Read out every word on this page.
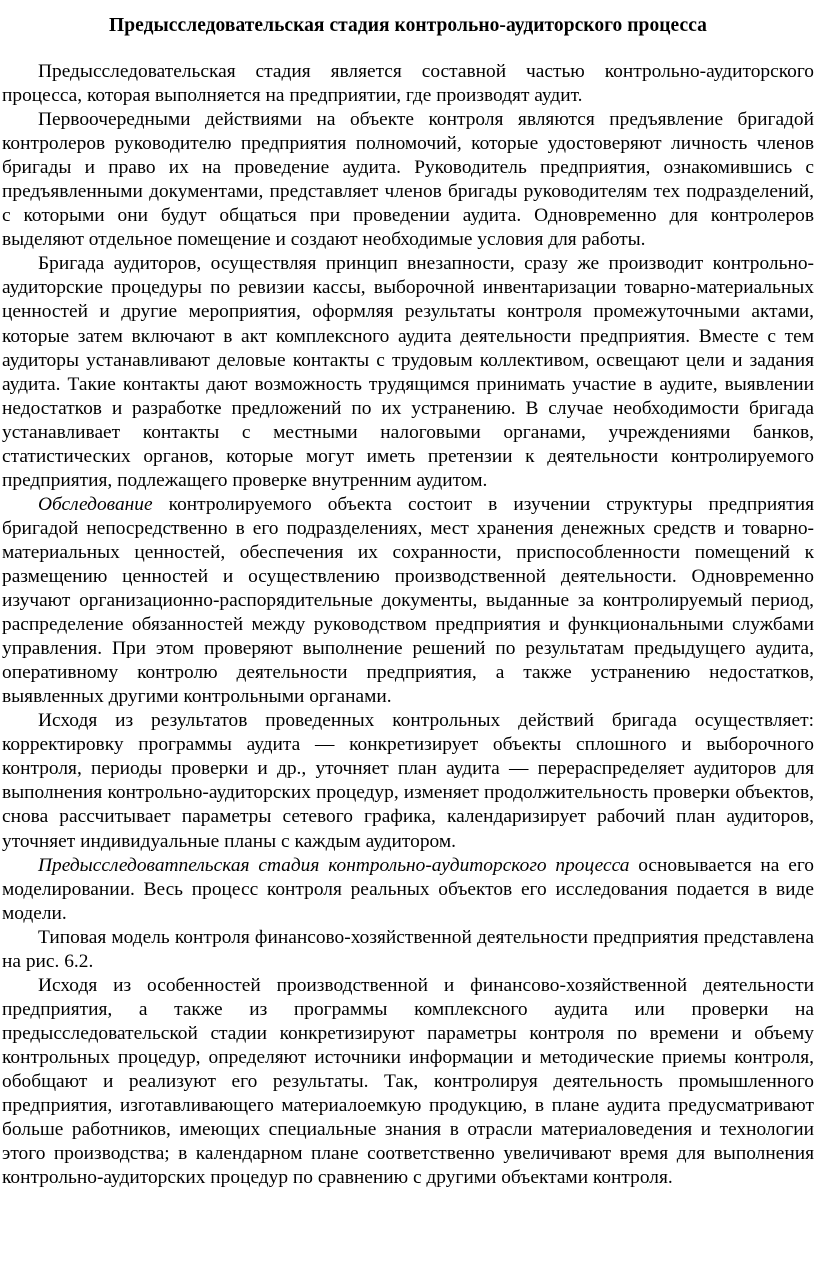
Предысследовательская стадия контрольно-аудиторского процесса

Предысследовательская стадия является составной частью контрольно-аудиторского процесса, которая выполняется на предприятии, где производят аудит.

Первоочередными действиями на объекте контроля являются предъявление бригадой контролеров руководителю предприятия полномочий, которые удостоверяют личность членов бригады и право их на проведение аудита. Руководитель предприятия, ознакомившись с предъявленными документами, представляет членов бригады руководителям тех подразделений, с которыми они будут общаться при проведении аудита. Одновременно для контролеров выделяют отдельное помещение и создают необходимые условия для работы.

Бригада аудиторов, осуществляя принцип внезапности, сразу же производит контрольно-аудиторские процедуры по ревизии кассы, выборочной инвентаризации товарно-материальных ценностей и другие мероприятия, оформляя результаты контроля промежуточными актами, которые затем включают в акт комплексного аудита деятельности предприятия. Вместе с тем аудиторы устанавливают деловые контакты с трудовым коллективом, освещают цели и задания аудита. Такие контакты дают возможность трудящимся принимать участие в аудите, выявлении недостатков и разработке предложений по их устранению. В случае необходимости бригада устанавливает контакты с местными налоговыми органами, учреждениями банков, статистических органов, которые могут иметь претензии к деятельности контролируемого предприятия, подлежащего проверке внутренним аудитом.

Обследование контролируемого объекта состоит в изучении структуры предприятия бригадой непосредственно в его подразделениях, мест хранения денежных средств и товарно-материальных ценностей, обеспечения их сохранности, приспособленности помещений к размещению ценностей и осуществлению производственной деятельности. Одновременно изучают организационно-распорядительные документы, выданные за контролируемый период, распределение обязанностей между руководством предприятия и функциональными службами управления. При этом проверяют выполнение решений по результатам предыдущего аудита, оперативному контролю деятельности предприятия, а также устранению недостатков, выявленных другими контрольными органами.

Исходя из результатов проведенных контрольных действий бригада осуществляет: корректировку программы аудита — конкретизирует объекты сплошного и выборочного контроля, периоды проверки и др., уточняет план аудита — перераспределяет аудиторов для выполнения контрольно-аудиторских процедур, изменяет продолжительность проверки объектов, снова рассчитывает параметры сетевого графика, календаризирует рабочий план аудиторов, уточняет индивидуальные планы с каждым аудитором.

Предысследоватпельская стадия контрольно-аудиторского процесса основывается на его моделировании. Весь процесс контроля реальных объектов его исследования подается в виде модели.

Типовая модель контроля финансово-хозяйственной деятельности предприятия представлена на рис. 6.2.

Исходя из особенностей производственной и финансово-хозяйственной деятельности предприятия, а также из программы комплексного аудита или проверки на предысследовательской стадии конкретизируют параметры контроля по времени и объему контрольных процедур, определяют источники информации и методические приемы контроля, обобщают и реализуют его результаты. Так, контролируя деятельность промышленного предприятия, изготавливающего материалоемкую продукцию, в плане аудита предусматривают больше работников, имеющих специальные знания в отрасли материаловедения и технологии этого производства; в календарном плане соответственно увеличивают время для выполнения контрольно-аудиторских процедур по сравнению с другими объектами контроля.
